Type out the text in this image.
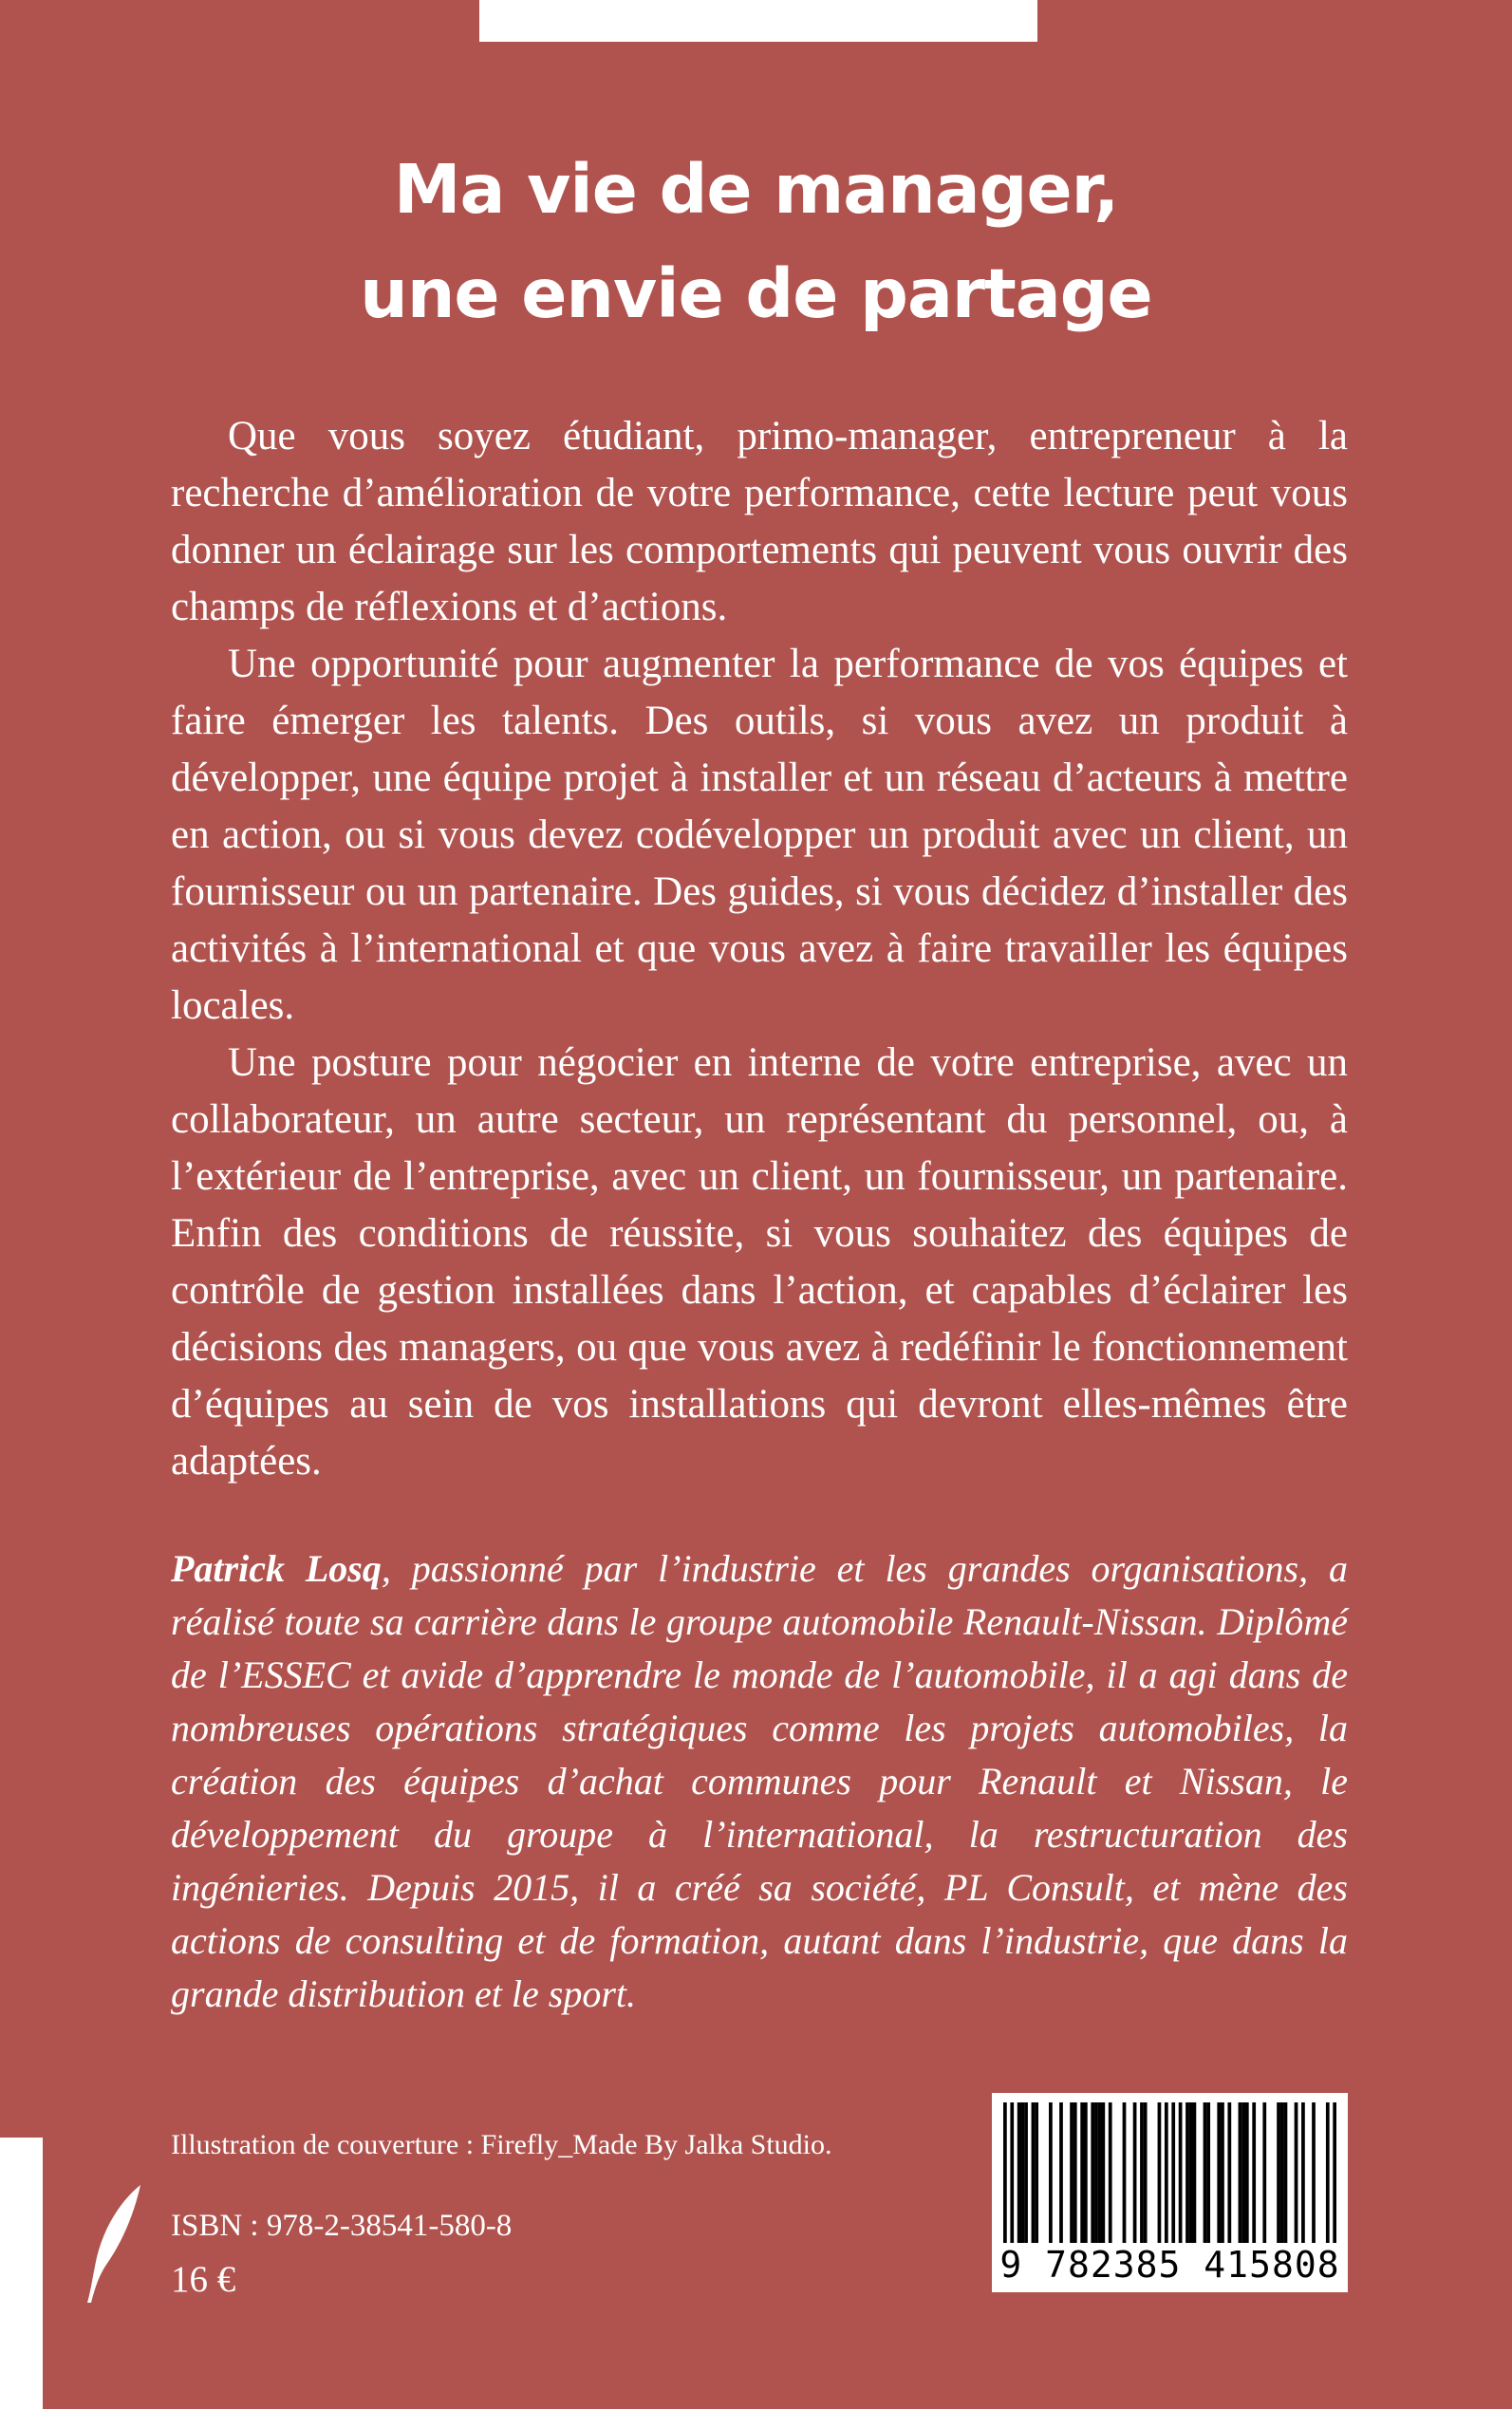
Ma vie de manager,
une envie de partage

Que vous soyez étudiant, primo-manager, entrepreneur à la recherche d’amélioration de votre performance, cette lecture peut vous donner un éclairage sur les comportements qui peuvent vous ouvrir des champs de réflexions et d’actions.

Une opportunité pour augmenter la performance de vos équipes et faire émerger les talents. Des outils, si vous avez un produit à développer, une équipe projet à installer et un réseau d’acteurs à mettre en action, ou si vous devez codévelopper un produit avec un client, un fournisseur ou un partenaire. Des guides, si vous décidez d’installer des activités à l’international et que vous avez à faire travailler les équipes locales.

Une posture pour négocier en interne de votre entreprise, avec un collaborateur, un autre secteur, un représentant du personnel, ou, à l’extérieur de l’entreprise, avec un client, un fournisseur, un partenaire. Enfin des conditions de réussite, si vous souhaitez des équipes de contrôle de gestion installées dans l’action, et capables d’éclairer les décisions des managers, ou que vous avez à redéfinir le fonctionnement d’équipes au sein de vos installations qui devront elles-mêmes être adaptées.

Patrick Losq, passionné par l’industrie et les grandes organisations, a réalisé toute sa carrière dans le groupe automobile Renault-Nissan. Diplômé de l’ESSEC et avide d’apprendre le monde de l’automobile, il a agi dans de nombreuses opérations stratégiques comme les projets automobiles, la création des équipes d’achat communes pour Renault et Nissan, le développement du groupe à l’international, la restructuration des ingénieries. Depuis 2015, il a créé sa société, PL Consult, et mène des actions de consulting et de formation, autant dans l’industrie, que dans la grande distribution et le sport.

Illustration de couverture : Firefly_Made By Jalka Studio.
ISBN : 978-2-38541-580-8
16 €	9 782385 415808
